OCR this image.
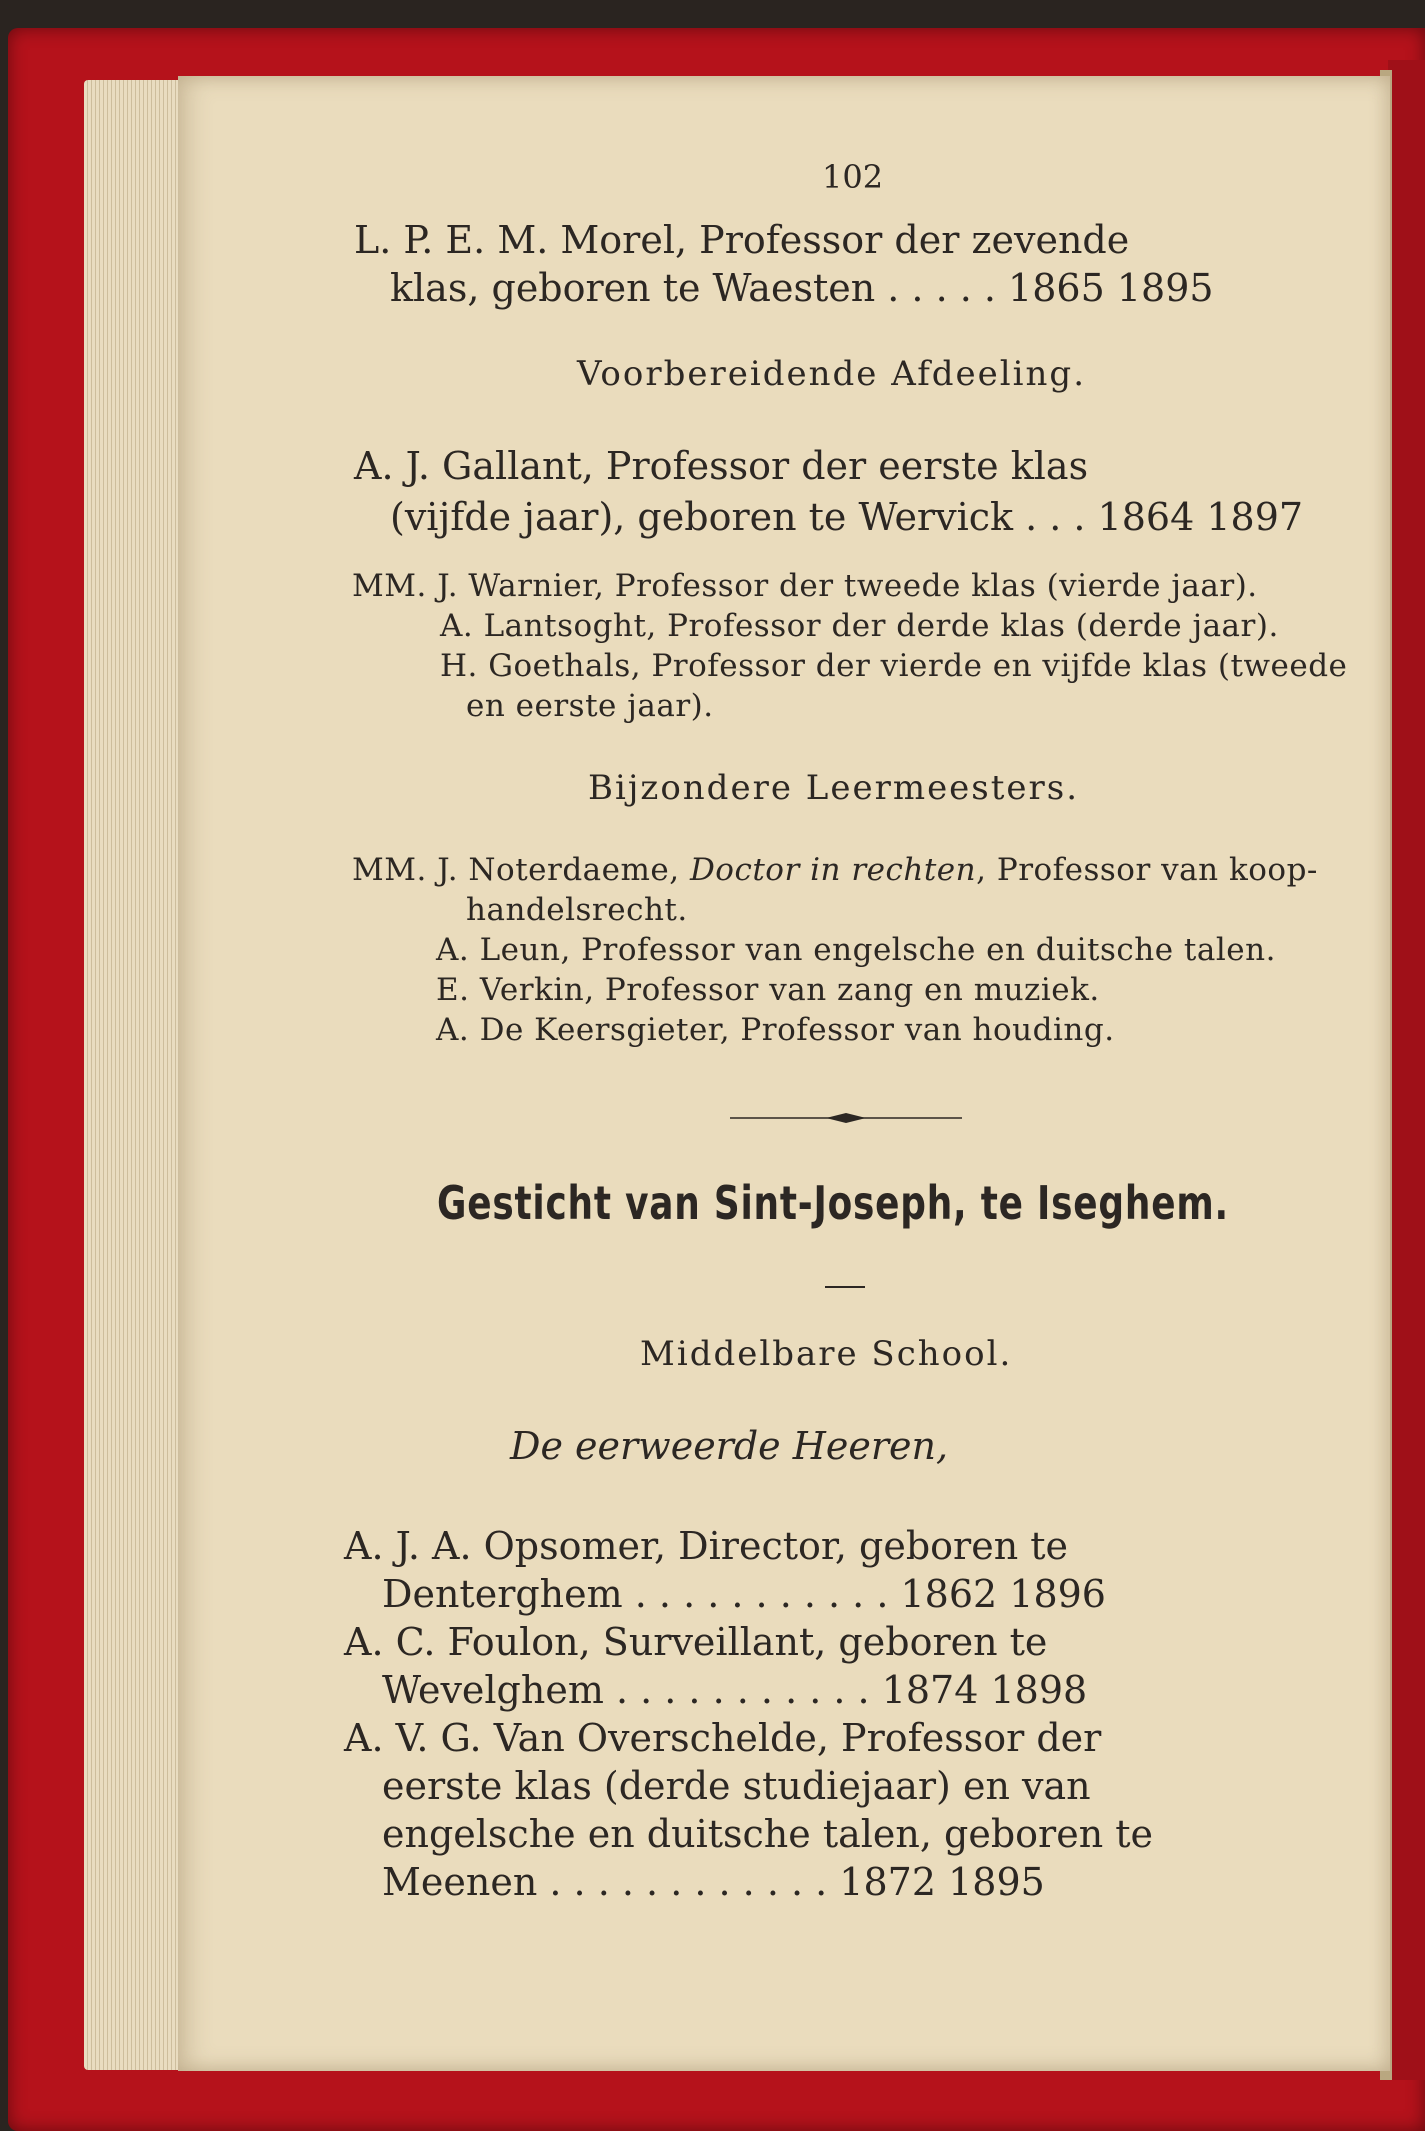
102
L. P. E. M. Morel, Professor der zevende
klas, geboren te Waesten . . . . . 1865 1895
Voorbereidende Afdeeling.
A. J. Gallant, Professor der eerste klas
(vijfde jaar), geboren te Wervick . . . 1864 1897
MM. J. Warnier, Professor der tweede klas (vierde jaar).
A. Lantsoght, Professor der derde klas (derde jaar).
H. Goethals, Professor der vierde en vijfde klas (tweede
en eerste jaar).
Bijzondere Leermeesters.
MM. J. Noterdaeme, Doctor in rechten, Professor van koop-
handelsrecht.
A. Leun, Professor van engelsche en duitsche talen.
E. Verkin, Professor van zang en muziek.
A. De Keersgieter, Professor van houding.
Gesticht van Sint-Joseph, te Iseghem.
Middelbare School.
De eerweerde Heeren,
A. J. A. Opsomer, Director, geboren te
Denterghem . . . . . . . . . . . 1862 1896
A. C. Foulon, Surveillant, geboren te
Wevelghem . . . . . . . . . . . 1874 1898
A. V. G. Van Overschelde, Professor der
eerste klas (derde studiejaar) en van
engelsche en duitsche talen, geboren te
Meenen . . . . . . . . . . . . 1872 1895
